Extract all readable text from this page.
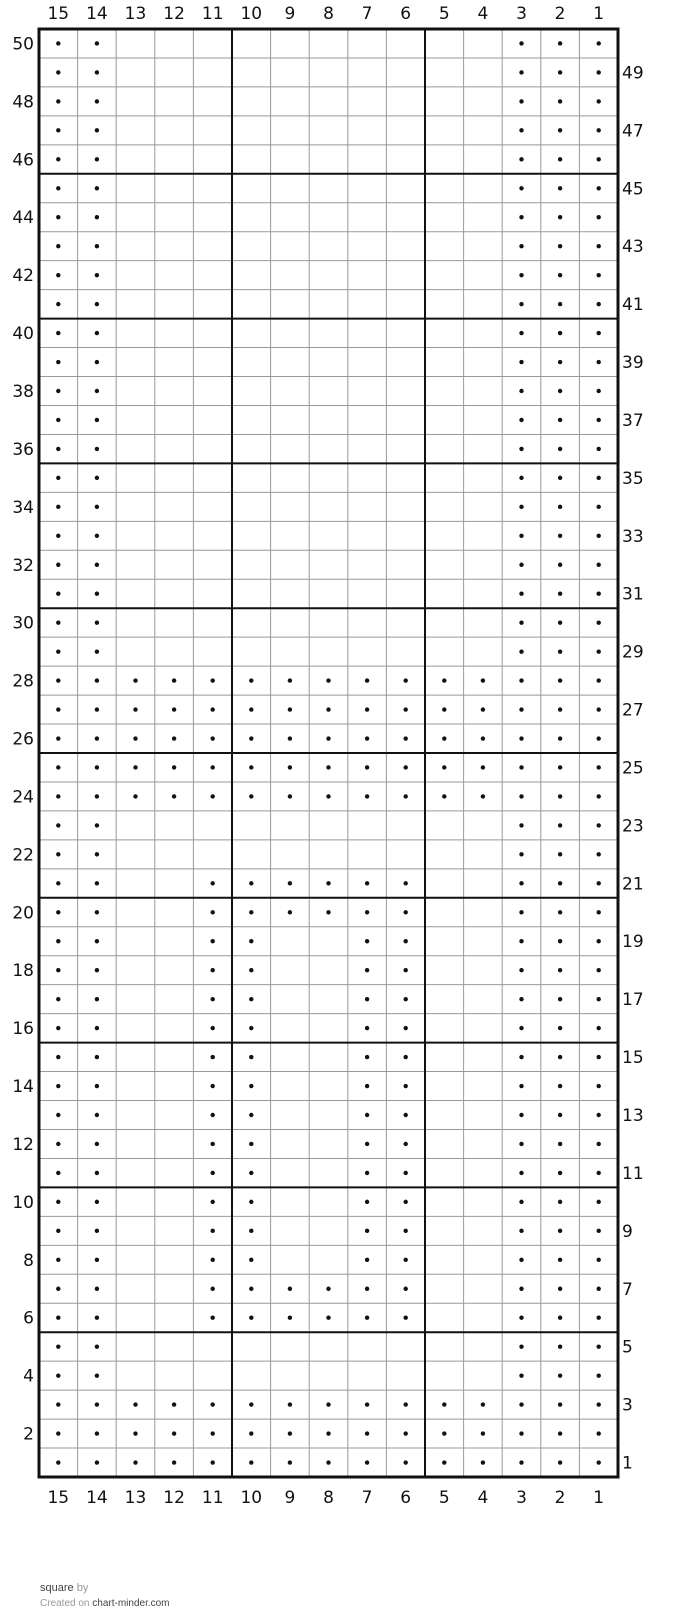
15
15
14
14
13
13
12
12
11
11
10
10
9
9
8
8
7
7
6
6
5
5
4
4
3
3
2
2
1
1
50
48
46
44
42
40
38
36
34
32
30
28
26
24
22
20
18
16
14
12
10
8
6
4
2
49
47
45
43
41
39
37
35
33
31
29
27
25
23
21
19
17
15
13
11
9
7
5
3
1
square by
Created on chart-minder.com
